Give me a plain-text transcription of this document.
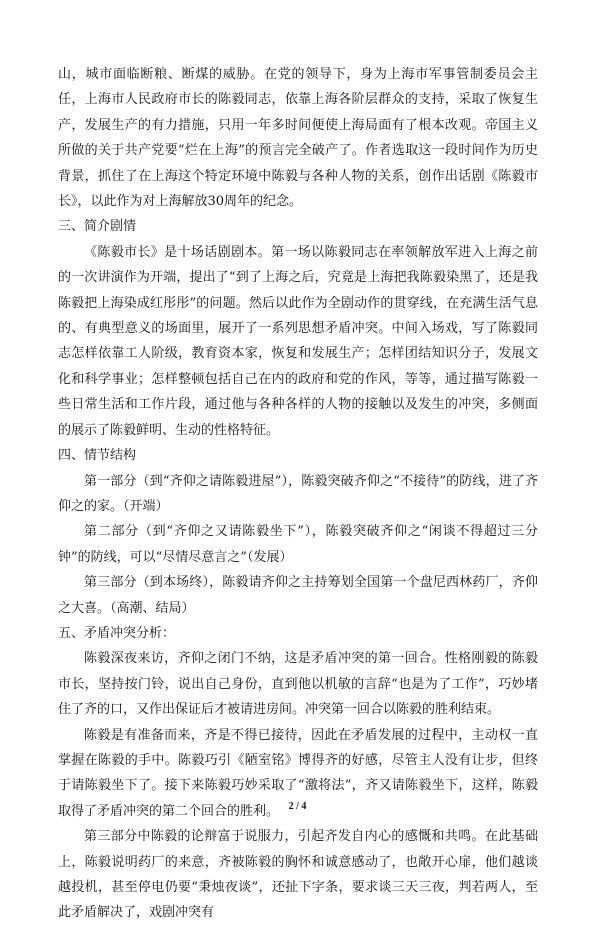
山，城市面临断粮、断煤的威胁。在党的领导下，身为上海市军事管制委员会主任，上海市人民政府市长的陈毅同志，依靠上海各阶层群众的支持，采取了恢复生产，发展生产的有力措施，只用一年多时间便使上海局面有了根本改观。帝国主义所做的关于共产党要“烂在上海”的预言完全破产了。作者选取这一段时间作为历史背景，抓住了在上海这个特定环境中陈毅与各种人物的关系，创作出话剧《陈毅市长》，以此作为对上海解放30周年的纪念。

三、简介剧情

《陈毅市长》是十场话剧剧本。第一场以陈毅同志在率领解放军进入上海之前的一次讲演作为开端，提出了“到了上海之后，究竟是上海把我陈毅染黑了，还是我陈毅把上海染成红彤彤”的问题。然后以此作为全剧动作的贯穿线，在充满生活气息的、有典型意义的场面里，展开了一系列思想矛盾冲突。中间入场戏，写了陈毅同志怎样依靠工人阶级，教育资本家，恢复和发展生产；怎样团结知识分子，发展文化和科学事业；怎样整顿包括自己在内的政府和党的作风，等等，通过描写陈毅一些日常生活和工作片段，通过他与各种各样的人物的接触以及发生的冲突，多侧面的展示了陈毅鲜明、生动的性格特征。

四、情节结构

第一部分（到“齐仰之请陈毅进屋”），陈毅突破齐仰之“不接待”的防线，进了齐仰之的家。（开端）

第二部分（到“齐仰之又请陈毅坐下”），陈毅突破齐仰之“闲谈不得超过三分钟”的防线，可以“尽情尽意言之”（发展）

第三部分（到本场终），陈毅请齐仰之主持筹划全国第一个盘尼西林药厂，齐仰之大喜。（高潮、结局）

五、矛盾冲突分析：

陈毅深夜来访，齐仰之闭门不纳，这是矛盾冲突的第一回合。性格刚毅的陈毅市长，坚持按门铃，说出自己身份，直到他以机敏的言辞“也是为了工作”，巧妙堵住了齐的口，又作出保证后才被请进房间。冲突第一回合以陈毅的胜利结束。

陈毅是有准备而来，齐是不得已接待，因此在矛盾发展的过程中，主动权一直掌握在陈毅的手中。陈毅巧引《陋室铭》博得齐的好感，尽管主人没有让步，但终于请陈毅坐下了。接下来陈毅巧妙采取了“激将法”，齐又请陈毅坐下，这样，陈毅取得了矛盾冲突的第二个回合的胜利。

第三部分中陈毅的论辩富于说服力，引起齐发自内心的感慨和共鸣。在此基础上，陈毅说明药厂的来意，齐被陈毅的胸怀和诚意感动了，也敞开心扉，他们越谈越投机，甚至停电仍要“秉烛夜谈”，还扯下字条，要求谈三天三夜，判若两人，至此矛盾解决了，戏剧冲突有

2 / 4
